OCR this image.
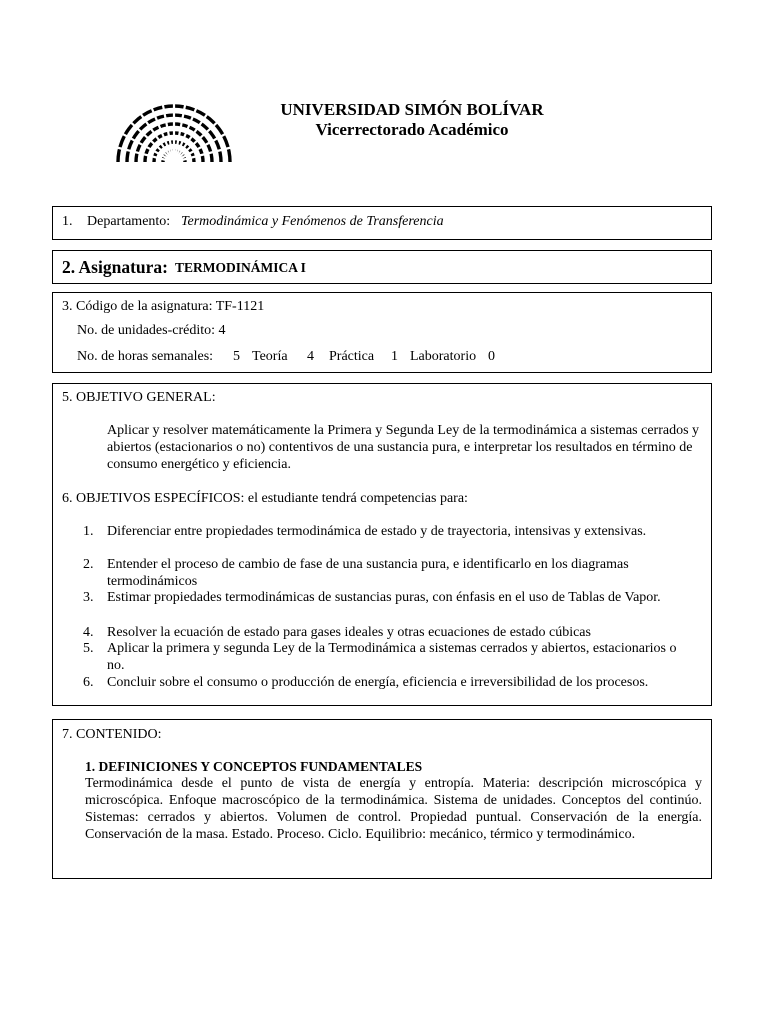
UNIVERSIDAD SIMÓN BOLÍVAR
Vicerrectorado Académico
1. Departamento: Termodinámica y Fenómenos de Transferencia
2. Asignatura: TERMODINÁMICA I
3. Código de la asignatura: TF-1121
No. de unidades-crédito: 4
No. de horas semanales: 5 Teoría 4 Práctica 1 Laboratorio 0
5. OBJETIVO GENERAL:
Aplicar y resolver matemáticamente la Primera y Segunda Ley de la termodinámica a sistemas cerrados y abiertos (estacionarios o no) contentivos de una sustancia pura, e interpretar los resultados en término de consumo energético y eficiencia.
6. OBJETIVOS ESPECÍFICOS: el estudiante tendrá competencias para:
1. Diferenciar entre propiedades termodinámica de estado y de trayectoria, intensivas y extensivas.
2. Entender el proceso de cambio de fase de una sustancia pura, e identificarlo en los diagramas termodinámicos
3. Estimar propiedades termodinámicas de sustancias puras, con énfasis en el uso de Tablas de Vapor.
4. Resolver la ecuación de estado para gases ideales y otras ecuaciones de estado cúbicas
5. Aplicar la primera y segunda Ley de la Termodinámica a sistemas cerrados y abiertos, estacionarios o no.
6. Concluir sobre el consumo o producción de energía, eficiencia e irreversibilidad de los procesos.
7. CONTENIDO:
1. DEFINICIONES Y CONCEPTOS FUNDAMENTALES
Termodinámica desde el punto de vista de energía y entropía. Materia: descripción microscópica y microscópica. Enfoque macroscópico de la termodinámica. Sistema de unidades. Conceptos del continúo. Sistemas: cerrados y abiertos. Volumen de control. Propiedad puntual. Conservación de la energía. Conservación de la masa. Estado. Proceso. Ciclo. Equilibrio: mecánico, térmico y termodinámico.
